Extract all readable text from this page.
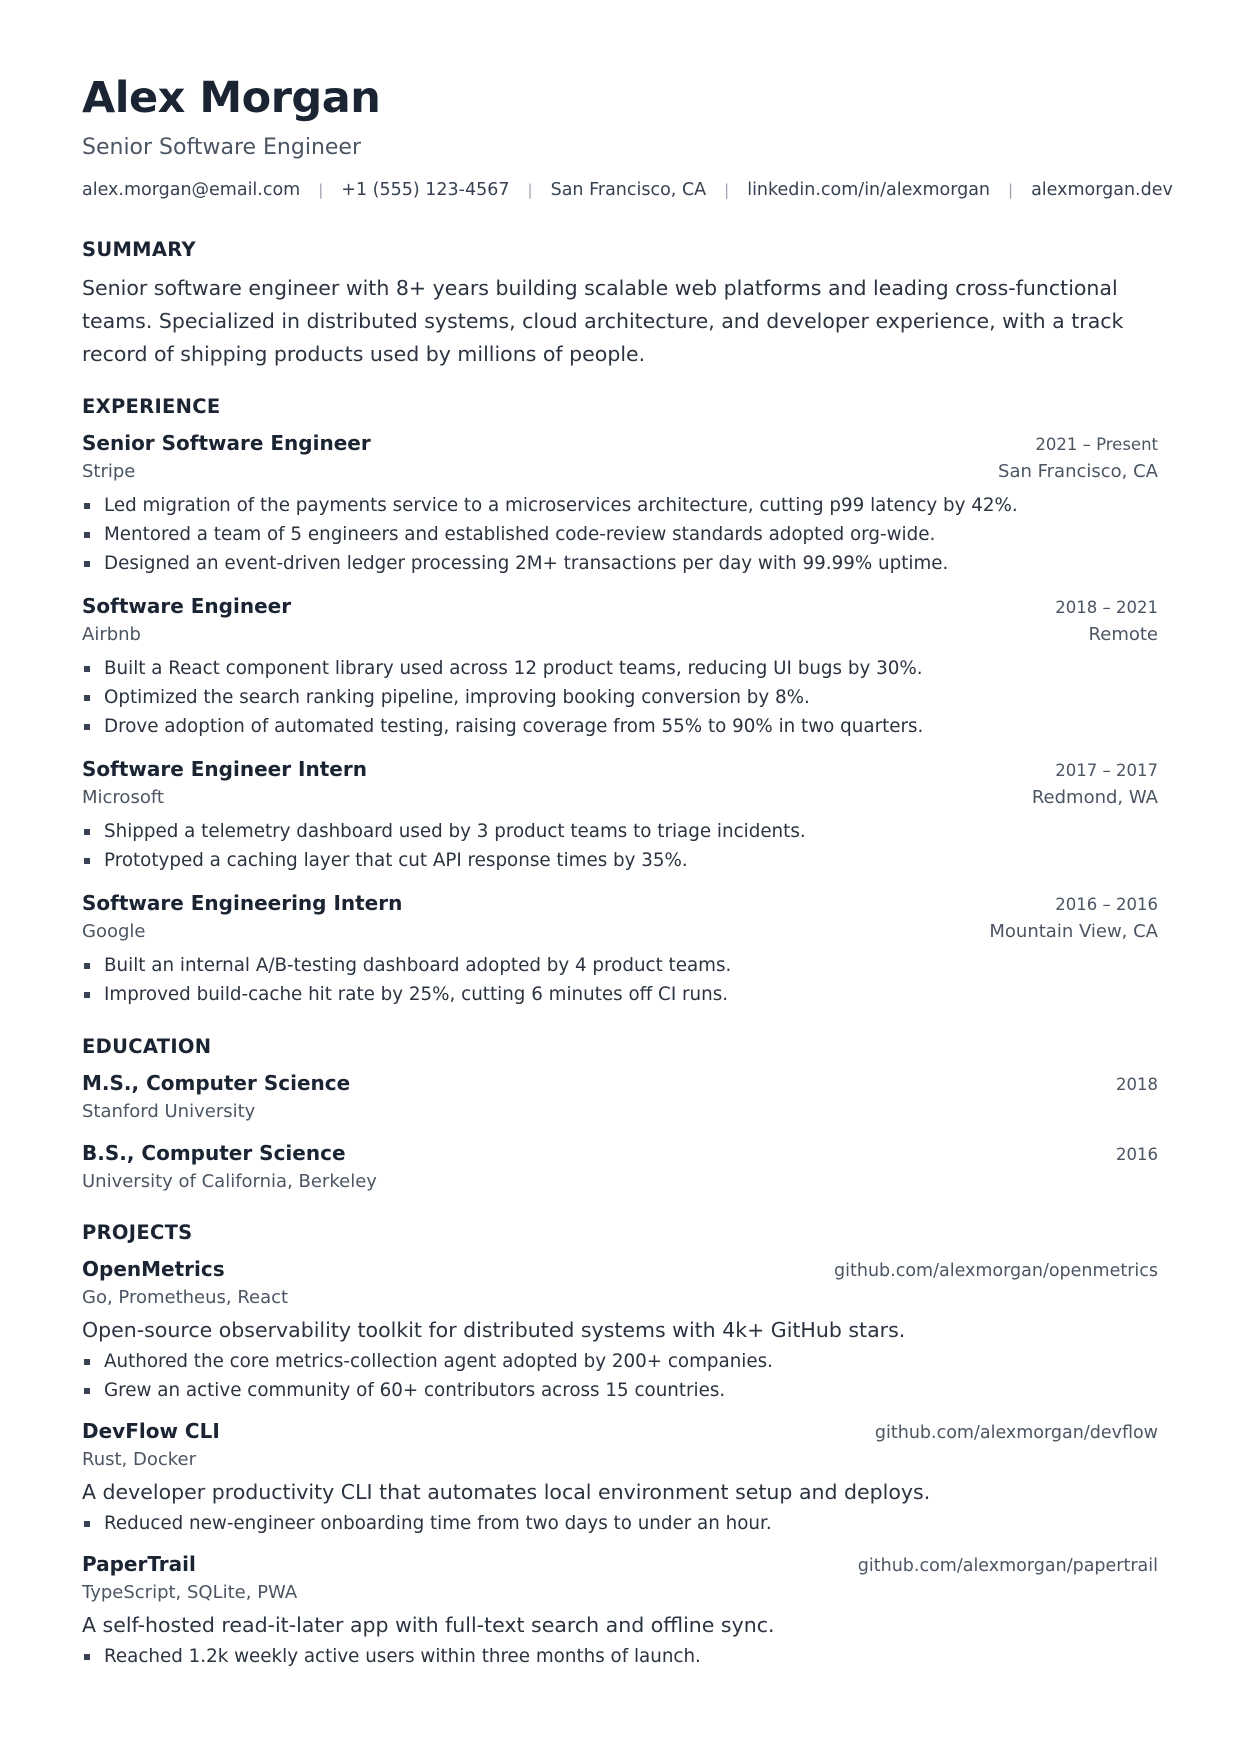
Alex Morgan
Senior Software Engineer
alex.morgan@email.com | +1 (555) 123-4567 | San Francisco, CA | linkedin.com/in/alexmorgan | alexmorgan.dev
SUMMARY
Senior software engineer with 8+ years building scalable web platforms and leading cross-functional teams. Specialized in distributed systems, cloud architecture, and developer experience, with a track record of shipping products used by millions of people.
EXPERIENCE
Senior Software Engineer	2021 – Present
Stripe	San Francisco, CA
Led migration of the payments service to a microservices architecture, cutting p99 latency by 42%.
Mentored a team of 5 engineers and established code-review standards adopted org-wide.
Designed an event-driven ledger processing 2M+ transactions per day with 99.99% uptime.
Software Engineer	2018 – 2021
Airbnb	Remote
Built a React component library used across 12 product teams, reducing UI bugs by 30%.
Optimized the search ranking pipeline, improving booking conversion by 8%.
Drove adoption of automated testing, raising coverage from 55% to 90% in two quarters.
Software Engineer Intern	2017 – 2017
Microsoft	Redmond, WA
Shipped a telemetry dashboard used by 3 product teams to triage incidents.
Prototyped a caching layer that cut API response times by 35%.
Software Engineering Intern	2016 – 2016
Google	Mountain View, CA
Built an internal A/B-testing dashboard adopted by 4 product teams.
Improved build-cache hit rate by 25%, cutting 6 minutes off CI runs.
EDUCATION
M.S., Computer Science	2018
Stanford University
B.S., Computer Science	2016
University of California, Berkeley
PROJECTS
OpenMetrics	github.com/alexmorgan/openmetrics
Go, Prometheus, React
Open-source observability toolkit for distributed systems with 4k+ GitHub stars.
Authored the core metrics-collection agent adopted by 200+ companies.
Grew an active community of 60+ contributors across 15 countries.
DevFlow CLI	github.com/alexmorgan/devflow
Rust, Docker
A developer productivity CLI that automates local environment setup and deploys.
Reduced new-engineer onboarding time from two days to under an hour.
PaperTrail	github.com/alexmorgan/papertrail
TypeScript, SQLite, PWA
A self-hosted read-it-later app with full-text search and offline sync.
Reached 1.2k weekly active users within three months of launch.
